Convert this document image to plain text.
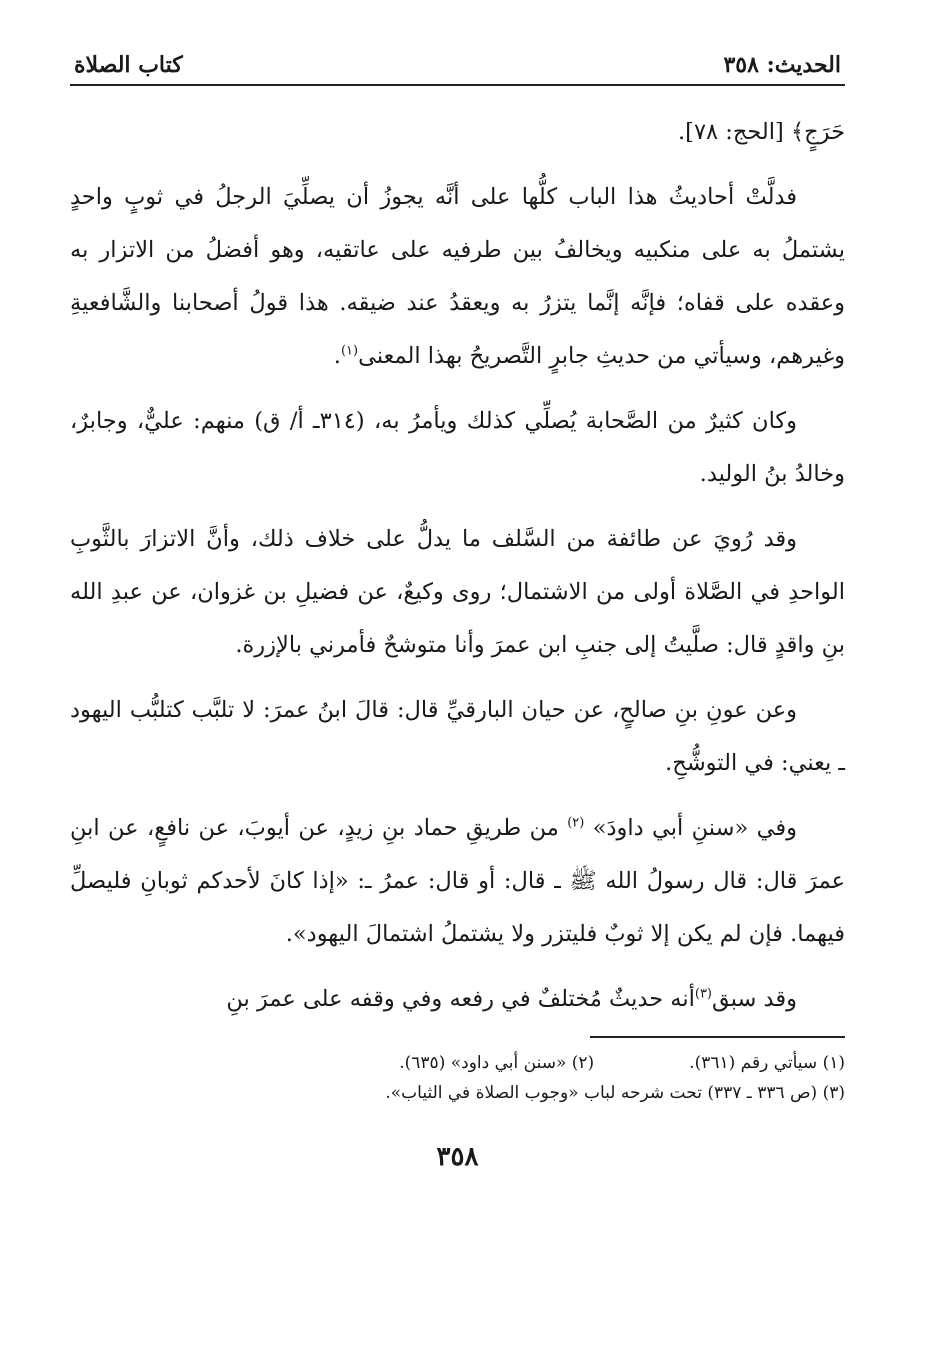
الحديث: ٣٥٨
كتاب الصلاة

حَرَجٍ﴾ [الحج: ٧٨].

فدلَّتْ أحاديثُ هذا الباب كلُّها على أنَّه يجوزُ أن يصلِّيَ الرجلُ في ثوبٍ واحدٍ يشتملُ به على منكبيه ويخالفُ بين طرفيه على عاتقيه، وهو أفضلُ من الاتزار به وعقده على قفاه؛ فإنَّه إنَّما يتزرُ به ويعقدُ عند ضيقه. هذا قولُ أصحابنا والشَّافعيةِ وغيرهم، وسيأتي من حديثِ جابرٍ التَّصريحُ بهذا المعنى$^{(١)}$.

وكان كثيرٌ من الصَّحابة يُصلِّي كذلك ويأمرُ به، (٣١٤ـ أ/ ق) منهم: عليٌّ، وجابرٌ، وخالدُ بنُ الوليد.

وقد رُويَ عن طائفة من السَّلف ما يدلُّ على خلاف ذلك، وأنَّ الاتزارَ بالثَّوبِ الواحدِ في الصَّلاة أولى من الاشتمال؛ روى وكيعٌ، عن فضيلِ بن غزوان، عن عبدِ الله بنِ واقدٍ قال: صلَّيتُ إلى جنبِ ابن عمرَ وأنا متوشحٌ فأمرني بالإزرة.

وعن عونِ بنِ صالحٍ، عن حيان البارقيِّ قال: قالَ ابنُ عمرَ: لا تلبَّب كتلبُّب اليهود ـ يعني: في التوشُّحِ.

وفي «سننِ أبي داودَ» $^{(٢)}$ من طريقِ حماد بنِ زيدٍ، عن أيوبَ، عن نافعٍ، عن ابنِ عمرَ قال: قال رسولُ الله ﷺ ـ قال: أو قال: عمرُ ـ: «إذا كانَ لأحدكم ثوبانِ فليصلِّ فيهما. فإن لم يكن إلا ثوبٌ فليتزر ولا يشتملُ اشتمالَ اليهود».

وقد سبق$^{(٣)}$أنه حديثٌ مُختلفٌ في رفعه وفي وقفه على عمرَ بنِ

(١) سيأتي رقم (٣٦١).
(٢) «سنن أبي داود» (٦٣٥).
(٣) (ص ٣٣٦ ـ ٣٣٧) تحت شرحه لباب «وجوب الصلاة في الثياب».
٣٥٨
